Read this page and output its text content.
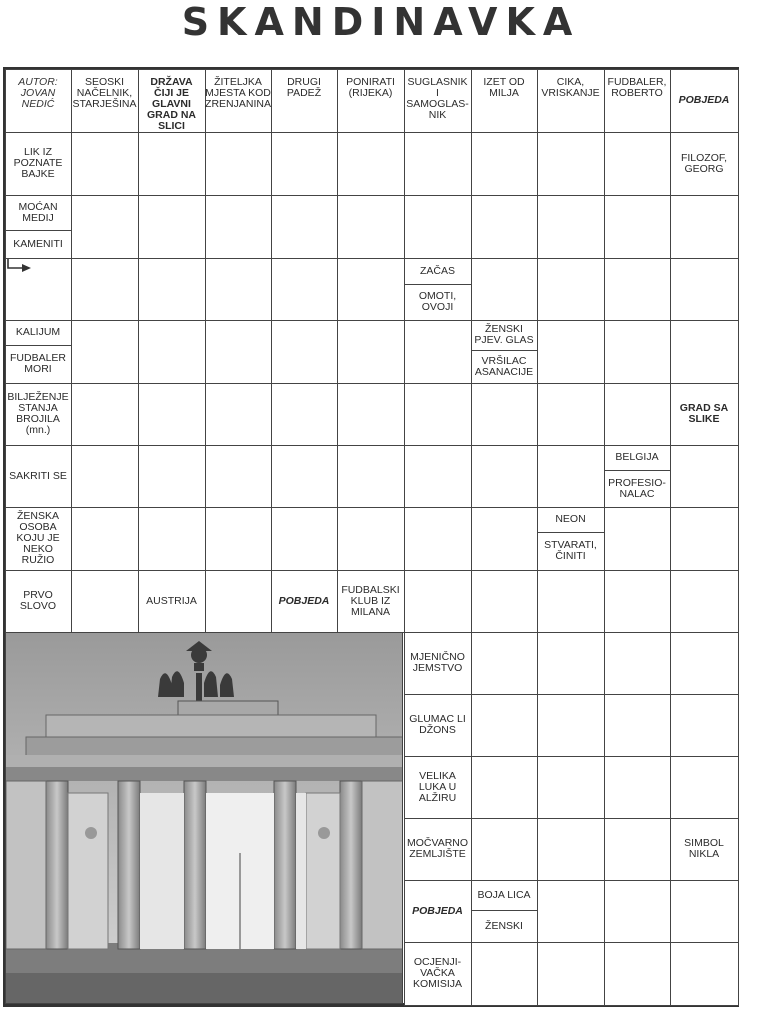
SKANDINAVKA
AUTOR: JOVAN NEDIĆ
SEOSKI NAČELNIK, STARJEŠINA
DRŽAVA ČIJI JE GLAVNI GRAD NA SLICI
ŽITELJKA MJESTA KOD ZRENJANINA
DRUGI PADEŽ
PONIRATI (RIJEKA)
SUGLASNIK I SAMOGLAS-NIK
IZET OD MILJA
CIKA, VRISKANJE
FUDBALER, ROBERTO
POBJEDA
LIK IZ POZNATE BAJKE
MOĆAN MEDIJ
KAMENITI
KALIJUM
FUDBALER MORI
BILJEŽENJE STANJA BROJILA (mn.)
SAKRITI SE
ŽENSKA OSOBA KOJU JE NEKO RUŽIO
PRVO SLOVO
FILOZOF, GEORG
ZAČAS
OMOTI, OVOJI
ŽENSKI PJEV. GLAS
VRŠILAC ASANACIJE
GRAD SA SLIKE
BELGIJA
PROFESIO-NALAC
NEON
STVARATI, ČINITI
AUSTRIJA	POBJEDA
FUDBALSKI KLUB IZ MILANA
MJENIČNO JEMSTVO
GLUMAC LI DŽONS
VELIKA LUKA U ALŽIRU
MOČVARNO ZEMLJIŠTE
SIMBOL NIKLA
POBJEDA
BOJA LICA
ŽENSKI
OCJENJI-VAČKA KOMISIJA
